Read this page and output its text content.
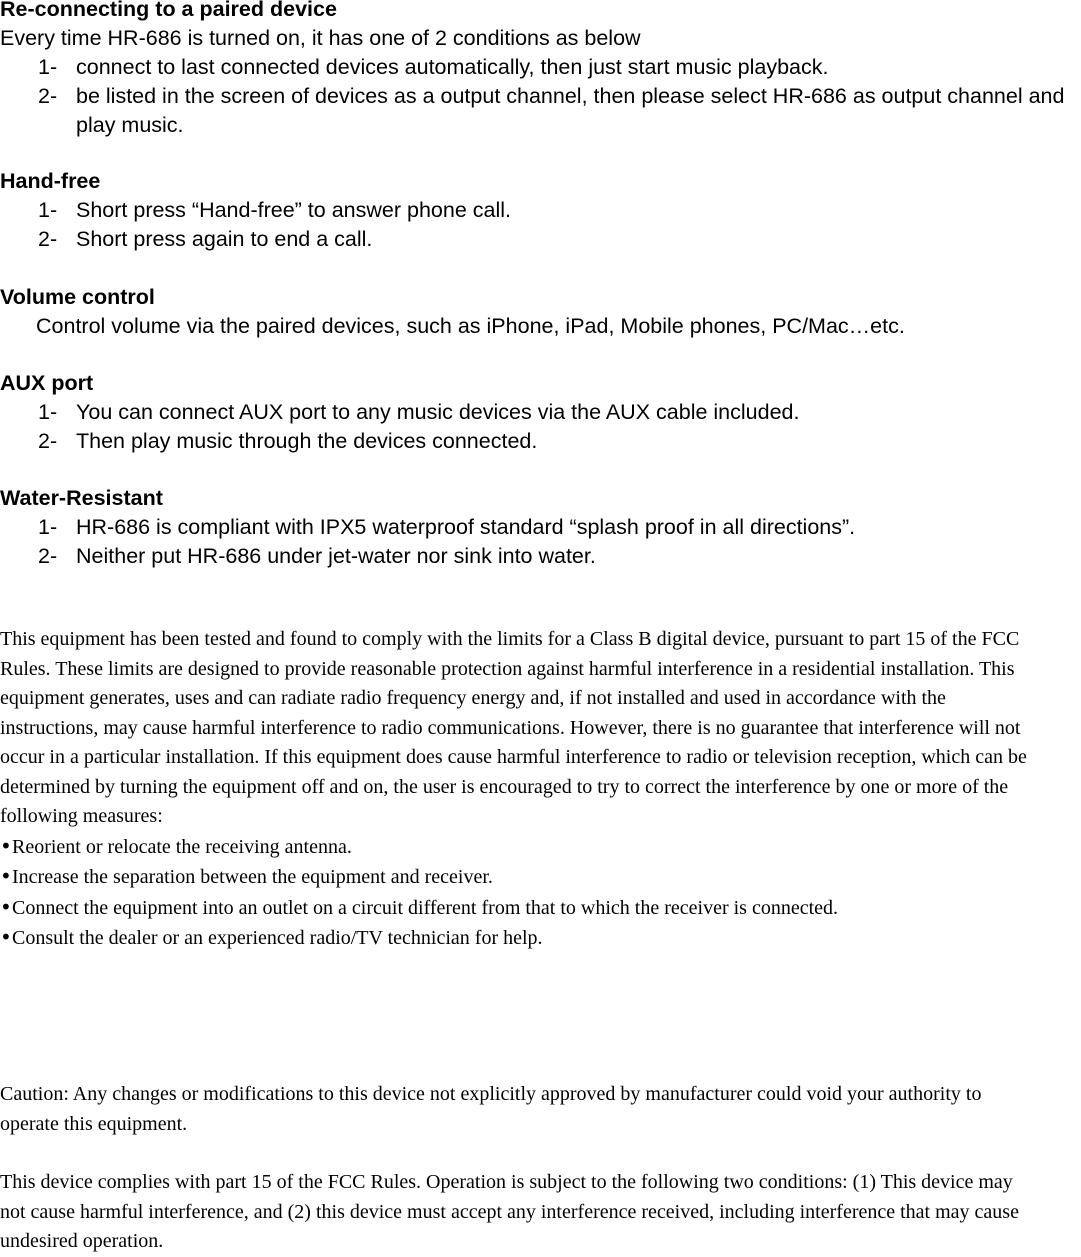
Re-connecting to a paired device

Every time HR-686 is turned on, it has one of 2 conditions as below

1- connect to last connected devices automatically, then just start music playback.
2- be listed in the screen of devices as a output channel, then please select HR-686 as output channel and play music.

Hand-free

1- Short press “Hand-free” to answer phone call.
2- Short press again to end a call.

Volume control

Control volume via the paired devices, such as iPhone, iPad, Mobile phones, PC/Mac…etc.

AUX port

1- You can connect AUX port to any music devices via the AUX cable included.
2- Then play music through the devices connected.

Water-Resistant

1- HR-686 is compliant with IPX5 waterproof standard “splash proof in all directions”.
2- Neither put HR-686 under jet-water nor sink into water.

This equipment has been tested and found to comply with the limits for a Class B digital device, pursuant to part 15 of the FCC Rules. These limits are designed to provide reasonable protection against harmful interference in a residential installation. This equipment generates, uses and can radiate radio frequency energy and, if not installed and used in accordance with the instructions, may cause harmful interference to radio communications. However, there is no guarantee that interference will not occur in a particular installation. If this equipment does cause harmful interference to radio or television reception, which can be determined by turning the equipment off and on, the user is encouraged to try to correct the interference by one or more of the following measures:

•Reorient or relocate the receiving antenna.

•Increase the separation between the equipment and receiver.

•Connect the equipment into an outlet on a circuit different from that to which the receiver is connected.

•Consult the dealer or an experienced radio/TV technician for help.

Caution: Any changes or modifications to this device not explicitly approved by manufacturer could void your authority to operate this equipment.

This device complies with part 15 of the FCC Rules. Operation is subject to the following two conditions: (1) This device may not cause harmful interference, and (2) this device must accept any interference received, including interference that may cause undesired operation.
